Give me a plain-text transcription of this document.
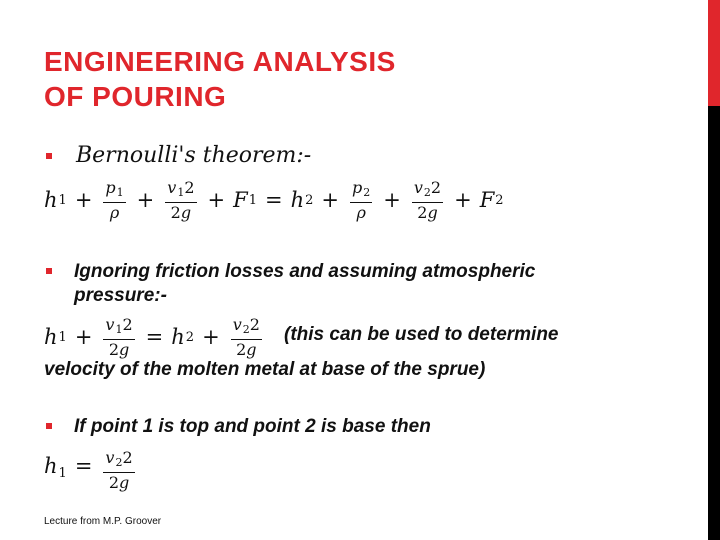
ENGINEERING ANALYSIS
OF POURING
Bernoulli's theorem:-
h $1 + \frac{p_1}{\rho} + \frac{v_12}{2g} + F$ 1 = h $2 + \frac{p_2}{\rho} + \frac{v_22}{2g} + F$ 2
Ignoring friction losses and assuming atmospheric
pressure:-
h $1 + \frac{v_12}{2g} = h$ $2 + \frac{v_22}{2g}$ (this can be used to determine
velocity of the molten metal at base of the sprue)
If point 1 is top and point 2 is base then
$h_1 = \frac{v_22}{2g}$
Lecture from M.P. Groover
